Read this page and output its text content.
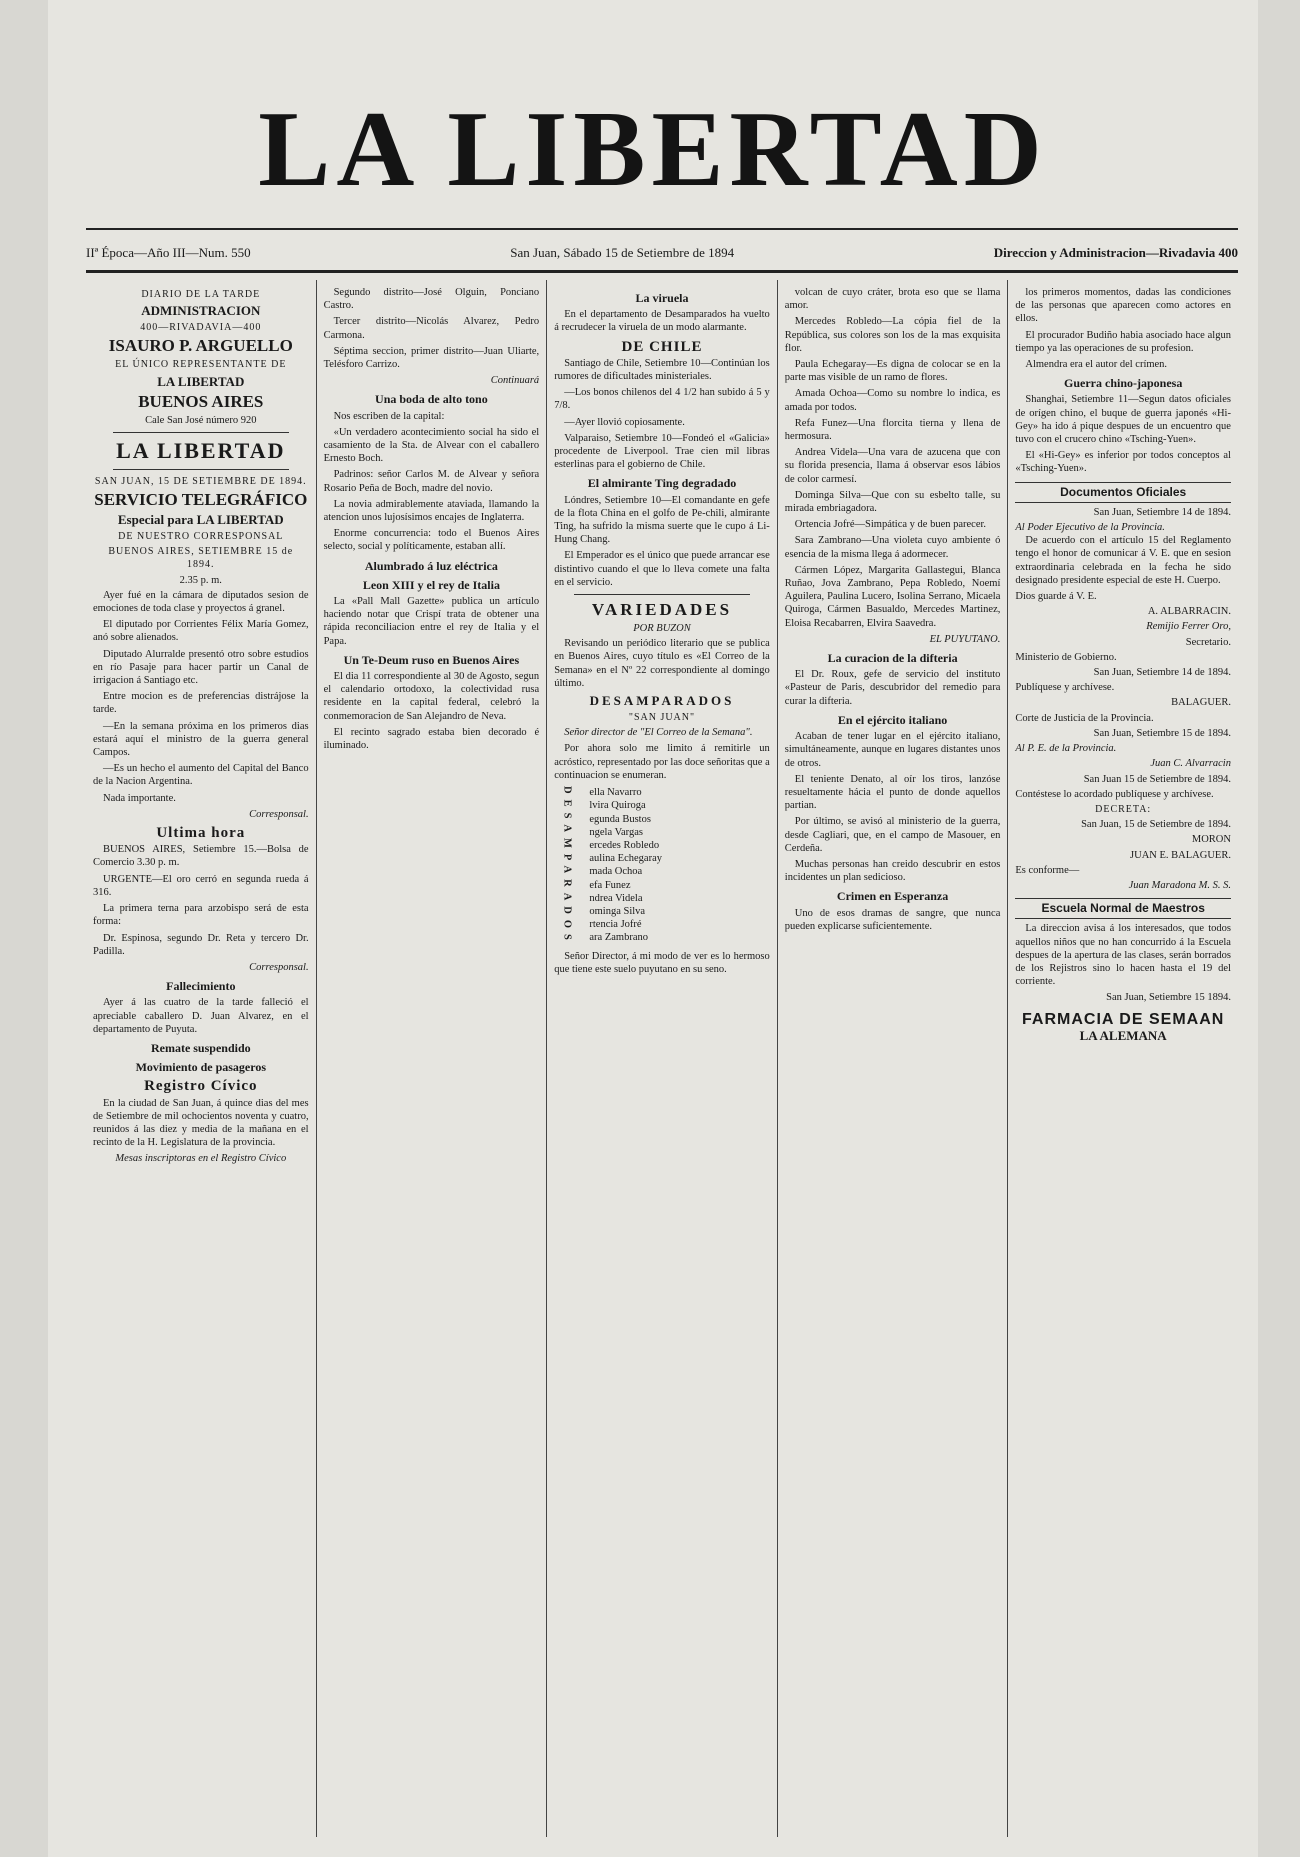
LA LIBERTAD
IIª Época—Año III—Num. 550	San Juan, Sábado 15 de Setiembre de 1894	Direccion y Administracion—Rivadavia 400
DIARIO DE LA TARDE
ADMINISTRACION
400—RIVADAVIA—400
ISAURO P. ARGUELLO
EL ÚNICO REPRESENTANTE DE
LA LIBERTAD
BUENOS AIRES
Cale San José número 920
LA LIBERTAD
SAN JUAN, 15 DE SETIEMBRE DE 1894.
SERVICIO TELEGRÁFICO
Especial para LA LIBERTAD
DE NUESTRO CORRESPONSAL
BUENOS AIRES, SETIEMBRE 15 de 1894.
2.35 p. m.

Ayer fué en la cámara de diputados sesion de emociones de toda clase y proyectos á granel.

El diputado por Corrientes Félix María Gomez, anó sobre alienados.

Diputado Alurralde presentó otro sobre estudios en río Pasaje para hacer partir un Canal de irrigacion á Santiago etc.

Entre mocion es de preferencias distrájose la tarde.

—En la semana próxima en los primeros dias estará aquí el ministro de la guerra general Campos.

—Es un hecho el aumento del Capital del Banco de la Nacion Argentina.

Nada importante.

Corresponsal.
Ultima hora

BUENOS AIRES, Setiembre 15.—Bolsa de Comercio 3.30 p. m.

URGENTE—El oro cerró en segunda rueda á 316.

La primera terna para arzobispo será de esta forma:

Dr. Espinosa, segundo Dr. Reta y tercero Dr. Padilla.

Corresponsal.
Fallecimiento

Ayer á las cuatro de la tarde falleció el apreciable caballero D. Juan Alvarez, en el departamento de Puyuta.

Remate suspendido
Movimiento de pasageros
Registro Cívico

En la ciudad de San Juan, á quince dias del mes de Setiembre de mil ochocientos noventa y cuatro, reunidos á las diez y media de la mañana en el recinto de la H. Legislatura de la provincia.

Mesas inscriptoras en el Registro Cívico

Segundo distrito—José Olguin, Ponciano Castro.

Tercer distrito—Nicolás Alvarez, Pedro Carmona.

Séptima seccion, primer distrito—Juan Uliarte, Telésforo Carrizo.

Continuará
Una boda de alto tono

Nos escriben de la capital:

«Un verdadero acontecimiento social ha sido el casamiento de la Sta. de Alvear con el caballero Ernesto Boch.

Padrinos: señor Carlos M. de Alvear y señora Rosario Peña de Boch, madre del novio.

La novia admirablemente ataviada, llamando la atencion unos lujosísimos encajes de Inglaterra.

Enorme concurrencia: todo el Buenos Aires selecto, social y políticamente, estaban allí.

Alumbrado á luz eléctrica
Leon XIII y el rey de Italia

La «Pall Mall Gazette» publica un artículo haciendo notar que Crispí trata de obtener una rápida reconciliacion entre el rey de Italia y el Papa.

Un Te-Deum ruso en Buenos Aires

El dia 11 correspondiente al 30 de Agosto, segun el calendario ortodoxo, la colectividad rusa residente en la capital federal, celebró la conmemoracion de San Alejandro de Neva.

El recinto sagrado estaba bien decorado é iluminado.

La viruela

En el departamento de Desamparados ha vuelto á recrudecer la viruela de un modo alarmante.

DE CHILE

Santiago de Chile, Setiembre 10—Continúan los rumores de dificultades ministeriales.

—Los bonos chilenos del 4 1/2 han subido á 5 y 7/8.

—Ayer llovió copiosamente.

Valparaiso, Setiembre 10—Fondeó el «Galicia» procedente de Liverpool. Trae cien mil libras esterlinas para el gobierno de Chile.

El almirante Ting degradado

Lóndres, Setiembre 10—El comandante en gefe de la flota China en el golfo de Pe-chili, almirante Ting, ha sufrido la misma suerte que le cupo á Li-Hung Chang.

El Emperador es el único que puede arrancar ese distintivo cuando el que lo lleva comete una falta en el servicio.

VARIEDADES
POR BUZON

Revisando un periódico literario que se publica en Buenos Aires, cuyo título es «El Correo de la Semana» en el Nº 22 correspondiente al domingo último.

DESAMPARADOS
"SAN JUAN"

Señor director de "El Correo de la Semana".

Por ahora solo me limito á remitirle un acróstico, representado por las doce señoritas que a continuacion se enumeran.

DESAMPARADOS	ella Navarro
lvira Quiroga
egunda Bustos
ngela Vargas
ercedes Robledo
aulina Echegaray
mada Ochoa
efa Funez
ndrea Videla
ominga Silva
rtencia Jofré
ara Zambrano

Señor Director, á mi modo de ver es lo hermoso que tiene este suelo puyutano en su seno.

volcan de cuyo cráter, brota eso que se llama amor.

Mercedes Robledo—La cópia fiel de la República, sus colores son los de la mas exquisita flor.

Paula Echegaray—Es digna de colocar se en la parte mas visible de un ramo de flores.

Amada Ochoa—Como su nombre lo indica, es amada por todos.

Refa Funez—Una florcita tierna y llena de hermosura.

Andrea Videla—Una vara de azucena que con su florida presencia, llama á observar esos lábios de color carmesí.

Dominga Silva—Que con su esbelto talle, su mirada embriagadora.

Ortencia Jofré—Simpática y de buen parecer.

Sara Zambrano—Una violeta cuyo ambiente ó esencia de la misma llega á adormecer.

Cármen López, Margarita Gallastegui, Blanca Ruñao, Jova Zambrano, Pepa Robledo, Noemí Aguilera, Paulina Lucero, Isolina Serrano, Micaela Quiroga, Cármen Basualdo, Mercedes Martinez, Eloisa Recabarren, Elvira Saavedra.

EL PUYUTANO.
La curacion de la difteria

El Dr. Roux, gefe de servicio del instituto «Pasteur de Paris, descubridor del remedio para curar la difteria.

En el ejército italiano

Acaban de tener lugar en el ejército italiano, simultáneamente, aunque en lugares distantes unos de otros.

El teniente Denato, al oír los tiros, lanzóse resueltamente hácia el punto de donde aquellos partian.

Por último, se avisó al ministerio de la guerra, desde Cagliari, que, en el campo de Masouer, en Cerdeña.

Muchas personas han creido descubrir en estos incidentes un plan sedicioso.

Crimen en Esperanza

Uno de esos dramas de sangre, que nunca pueden explicarse suficientemente.

los primeros momentos, dadas las condiciones de las personas que aparecen como actores en ellos.

El procurador Budiño habia asociado hace algun tiempo ya las operaciones de su profesion.

Almendra era el autor del crímen.

Guerra chino-japonesa

Shanghai, Setiembre 11—Segun datos oficiales de orígen chino, el buque de guerra japonés «Hi-Gey» ha ido á pique despues de un encuentro que tuvo con el crucero chino «Tsching-Yuen».

El «Hi-Gey» es inferior por todos conceptos al «Tsching-Yuen».

Documentos Oficiales
San Juan, Setiembre 14 de 1894.
Al Poder Ejecutivo de la Provincia.

De acuerdo con el artículo 15 del Reglamento tengo el honor de comunicar á V. E. que en sesion extraordinaria celebrada en la fecha he sido designado presidente especial de este H. Cuerpo.

Dios guarde á V. E.
A. ALBARRACIN.
Remijio Ferrer Oro,
Secretario.
Ministerio de Gobierno.
San Juan, Setiembre 14 de 1894.
Publíquese y archívese.
BALAGUER.
Corte de Justicia de la Provincia.
San Juan, Setiembre 15 de 1894.
Al P. E. de la Provincia.
Juan C. Alvarracin
San Juan 15 de Setiembre de 1894.
Contéstese lo acordado publíquese y archívese.
DECRETA:
San Juan, 15 de Setiembre de 1894.
MORON
JUAN E. BALAGUER.
Es conforme—
Juan Maradona M. S. S.
Escuela Normal de Maestros

La direccion avisa á los interesados, que todos aquellos niños que no han concurrido á la Escuela despues de la apertura de las clases, serán borrados de los Rejistros sino lo hacen hasta el 19 del corriente.

San Juan, Setiembre 15 1894.
FARMACIA DE SEMAAN
LA ALEMANA
